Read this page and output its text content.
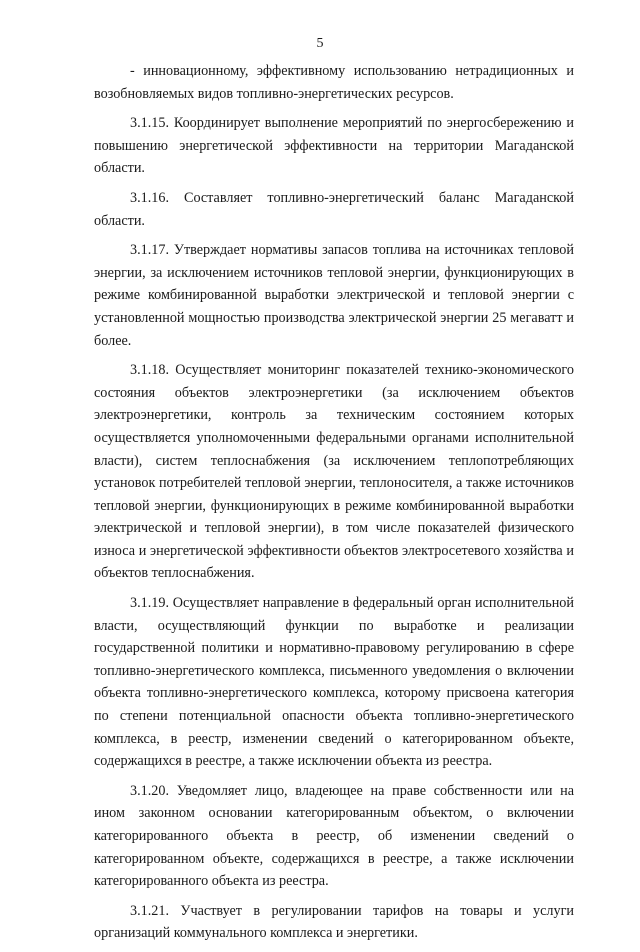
5

- инновационному, эффективному использованию нетрадиционных и возобновляемых видов топливно-энергетических ресурсов.

3.1.15. Координирует выполнение мероприятий по энергосбережению и повышению энергетической эффективности на территории Магаданской области.

3.1.16. Составляет топливно-энергетический баланс Магаданской области.

3.1.17. Утверждает нормативы запасов топлива на источниках тепловой энергии, за исключением источников тепловой энергии, функционирующих в режиме комбинированной выработки электрической и тепловой энергии с установленной мощностью производства электрической энергии 25 мегаватт и более.

3.1.18. Осуществляет мониторинг показателей технико-экономического состояния объектов электроэнергетики (за исключением объектов электроэнергетики, контроль за техническим состоянием которых осуществляется уполномоченными федеральными органами исполнительной власти), систем теплоснабжения (за исключением теплопотребляющих установок потребителей тепловой энергии, теплоносителя, а также источников тепловой энергии, функционирующих в режиме комбинированной выработки электрической и тепловой энергии), в том числе показателей физического износа и энергетической эффективности объектов электросетевого хозяйства и объектов теплоснабжения.

3.1.19. Осуществляет направление в федеральный орган исполнительной власти, осуществляющий функции по выработке и реализации государственной политики и нормативно-правовому регулированию в сфере топливно-энергетического комплекса, письменного уведомления о включении объекта топливно-энергетического комплекса, которому присвоена категория по степени потенциальной опасности объекта топливно-энергетического комплекса, в реестр, изменении сведений о категорированном объекте, содержащихся в реестре, а также исключении объекта из реестра.

3.1.20. Уведомляет лицо, владеющее на праве собственности или на ином законном основании категорированным объектом, о включении категорированного объекта в реестр, об изменении сведений о категорированном объекте, содержащихся в реестре, а также исключении категорированного объекта из реестра.

3.1.21. Участвует в регулировании тарифов на товары и услуги организаций коммунального комплекса и энергетики.
